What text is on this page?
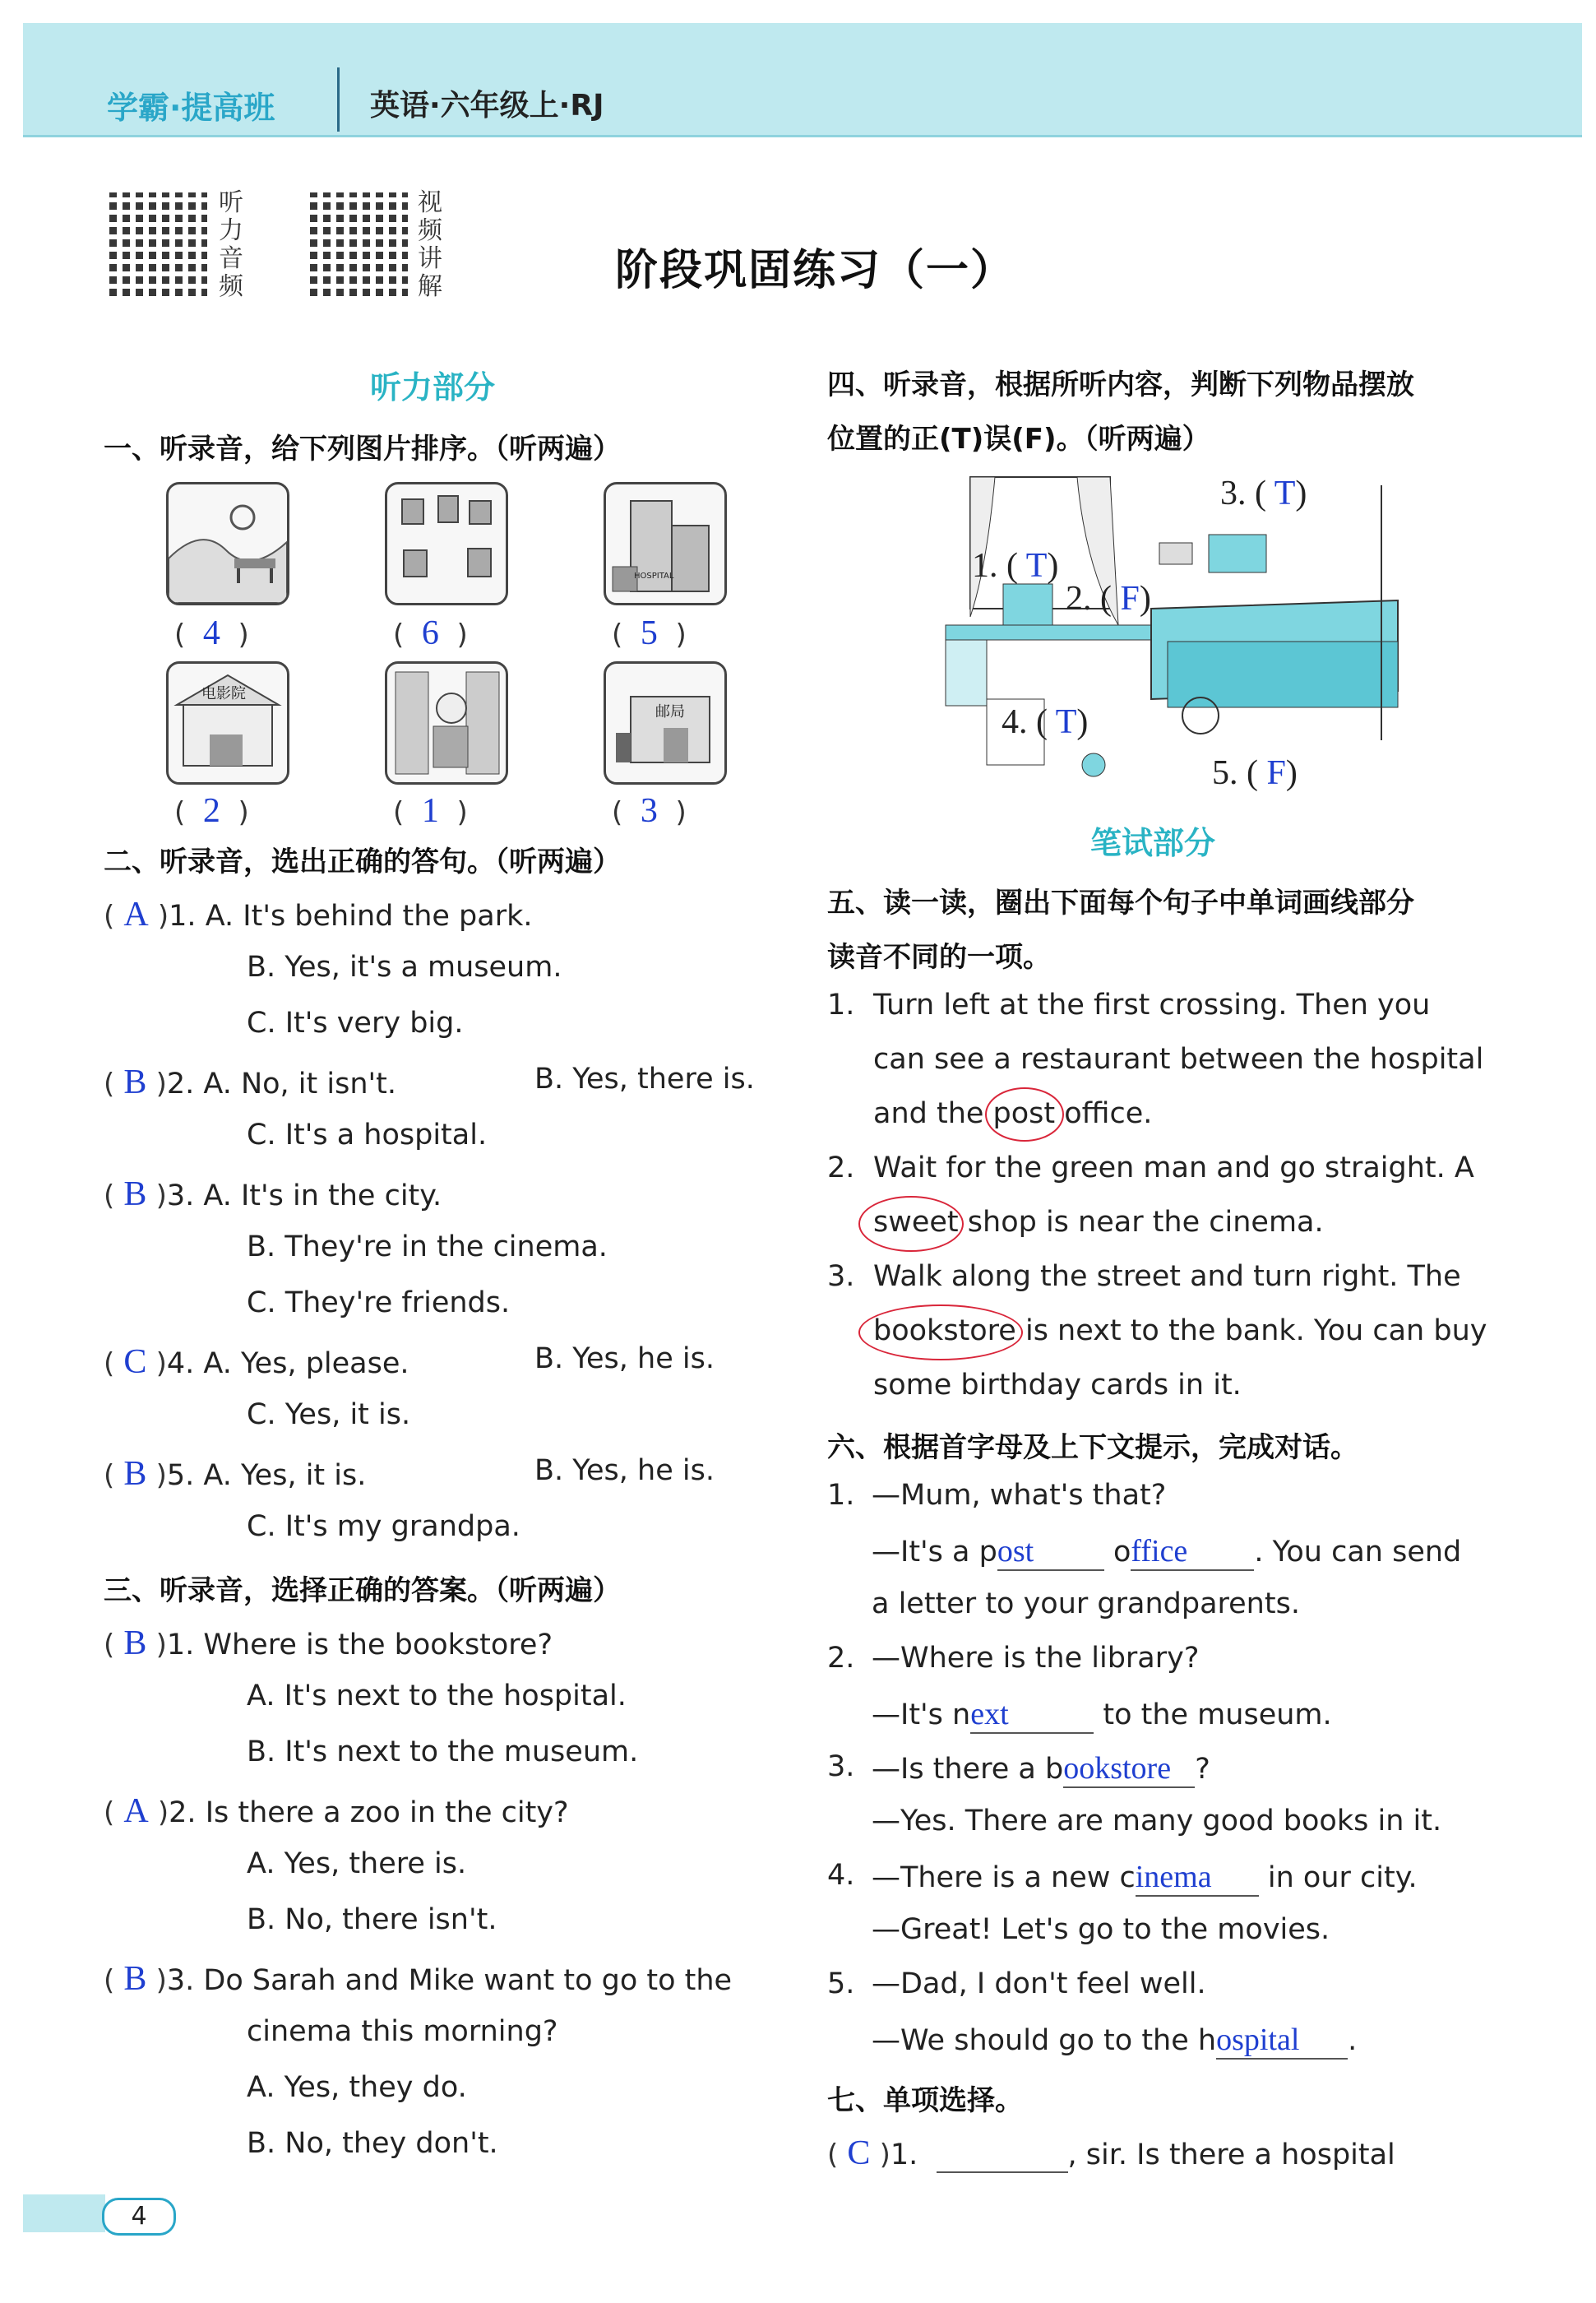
学霸·提高班	英语·六年级上·RJ
听力音频
视频讲解	阶段巩固练习（一）
听力部分
一、听录音，给下列图片排序。（听两遍）
HOSPITAL
电影院
邮局
(  4  )	(  6  )	(  5  )
(  2  )	(  1  )	(  3  )
二、听录音，选出正确的答句。（听两遍）
( A )1. A. It's behind the park.
B. Yes, it's a museum.
C. It's very big.
( B )2. A. No, it isn't.	B. Yes, there is.
C. It's a hospital.
( B )3. A. It's in the city.
B. They're in the cinema.
C. They're friends.
( C )4. A. Yes, please.	B. Yes, he is.
C. Yes, it is.
( B )5. A. Yes, it is.	B. Yes, he is.
C. It's my grandpa.
三、听录音，选择正确的答案。（听两遍）
( B )1. Where is the bookstore?
A. It's next to the hospital.
B. It's next to the museum.
( A )2. Is there a zoo in the city?
A. Yes, there is.
B. No, there isn't.
( B )3. Do Sarah and Mike want to go to the
cinema this morning?
A. Yes, they do.
B. No, they don't.
四、听录音，根据所听内容，判断下列物品摆放
位置的正(T)误(F)。（听两遍）
1. ( T)
2. ( F)
3. ( T)
4. ( T)
5. ( F)
笔试部分
五、读一读，圈出下面每个句子中单词画线部分
读音不同的一项。
1. Turn left at the first crossing. Then you
can see a restaurant between the hospital
and the post office.
2. Wait for the green man and go straight. A
sweet shop is near the cinema.
3. Walk along the street and turn right. The
bookstore is next to the bank. You can buy
some birthday cards in it.
六、根据首字母及上下文提示，完成对话。
1. —Mum, what's that?
—It's a post	office . You can send
a letter to your grandparents.
2. —Where is the library?
—It's next	to the museum.
3. —Is there a bookstore ?
—Yes. There are many good books in it.
4. —There is a new cinema in our city.
—Great! Let's go to the movies.
5. —Dad, I don't feel well.
—We should go to the hospital .
七、单项选择。
( C )1.	, sir. Is there a hospital
4
